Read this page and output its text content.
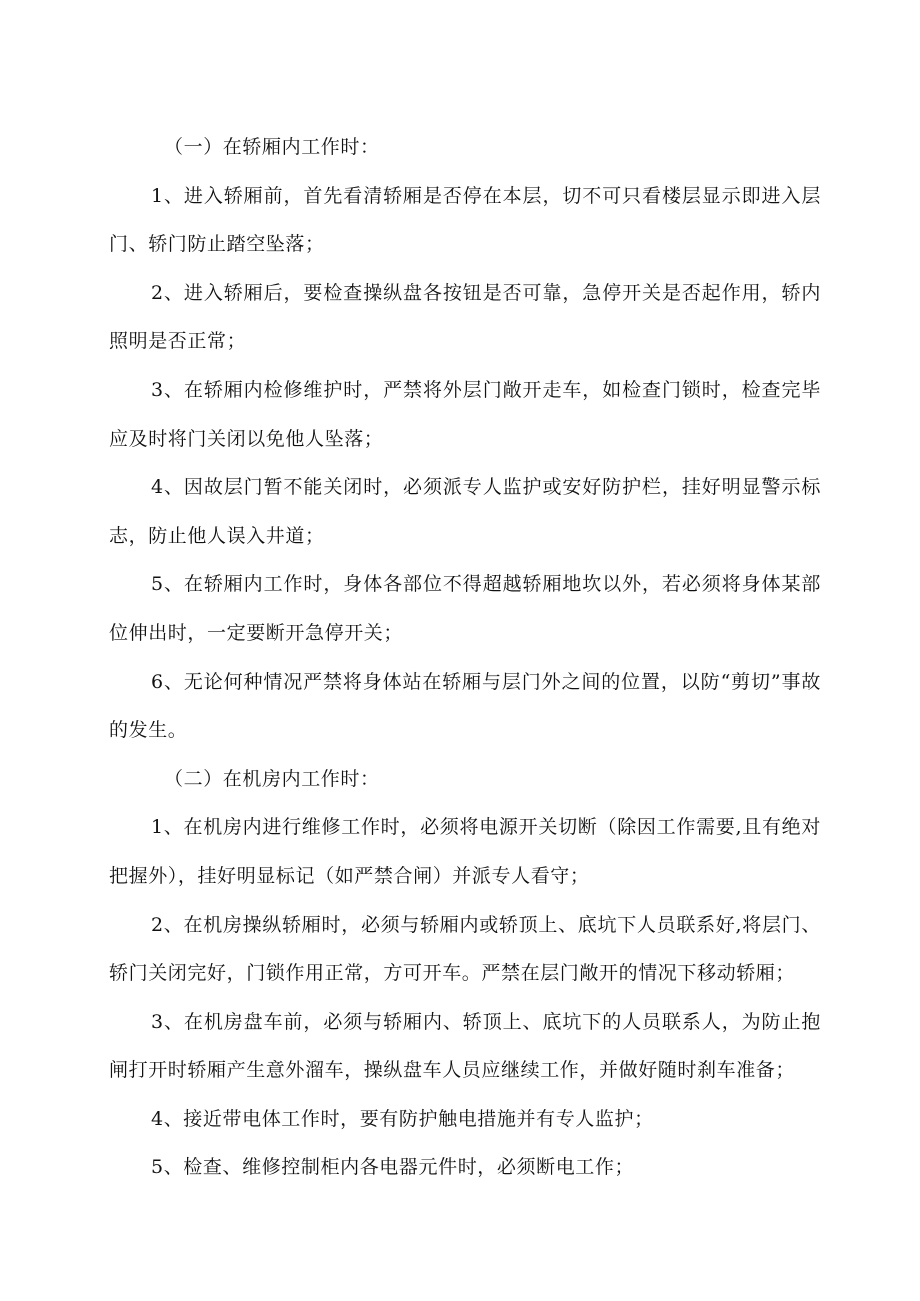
（一）在轿厢内工作时：

1、进入轿厢前，首先看清轿厢是否停在本层，切不可只看楼层显示即进入层门、轿门防止踏空坠落；

2、进入轿厢后，要检查操纵盘各按钮是否可靠，急停开关是否起作用，轿内照明是否正常；

3、在轿厢内检修维护时，严禁将外层门敞开走车，如检查门锁时，检查完毕应及时将门关闭以免他人坠落；

4、因故层门暂不能关闭时，必须派专人监护或安好防护栏，挂好明显警示标志，防止他人误入井道；

5、在轿厢内工作时，身体各部位不得超越轿厢地坎以外，若必须将身体某部位伸出时，一定要断开急停开关；

6、无论何种情况严禁将身体站在轿厢与层门外之间的位置，以防“剪切”事故的发生。

（二）在机房内工作时：

1、在机房内进行维修工作时，必须将电源开关切断（除因工作需要,且有绝对把握外），挂好明显标记（如严禁合闸）并派专人看守；

2、在机房操纵轿厢时，必须与轿厢内或轿顶上、底坑下人员联系好,将层门、轿门关闭完好，门锁作用正常，方可开车。严禁在层门敞开的情况下移动轿厢；

3、在机房盘车前，必须与轿厢内、轿顶上、底坑下的人员联系人，为防止抱闸打开时轿厢产生意外溜车，操纵盘车人员应继续工作，并做好随时刹车准备；

4、接近带电体工作时，要有防护触电措施并有专人监护；

5、检查、维修控制柜内各电器元件时，必须断电工作；
